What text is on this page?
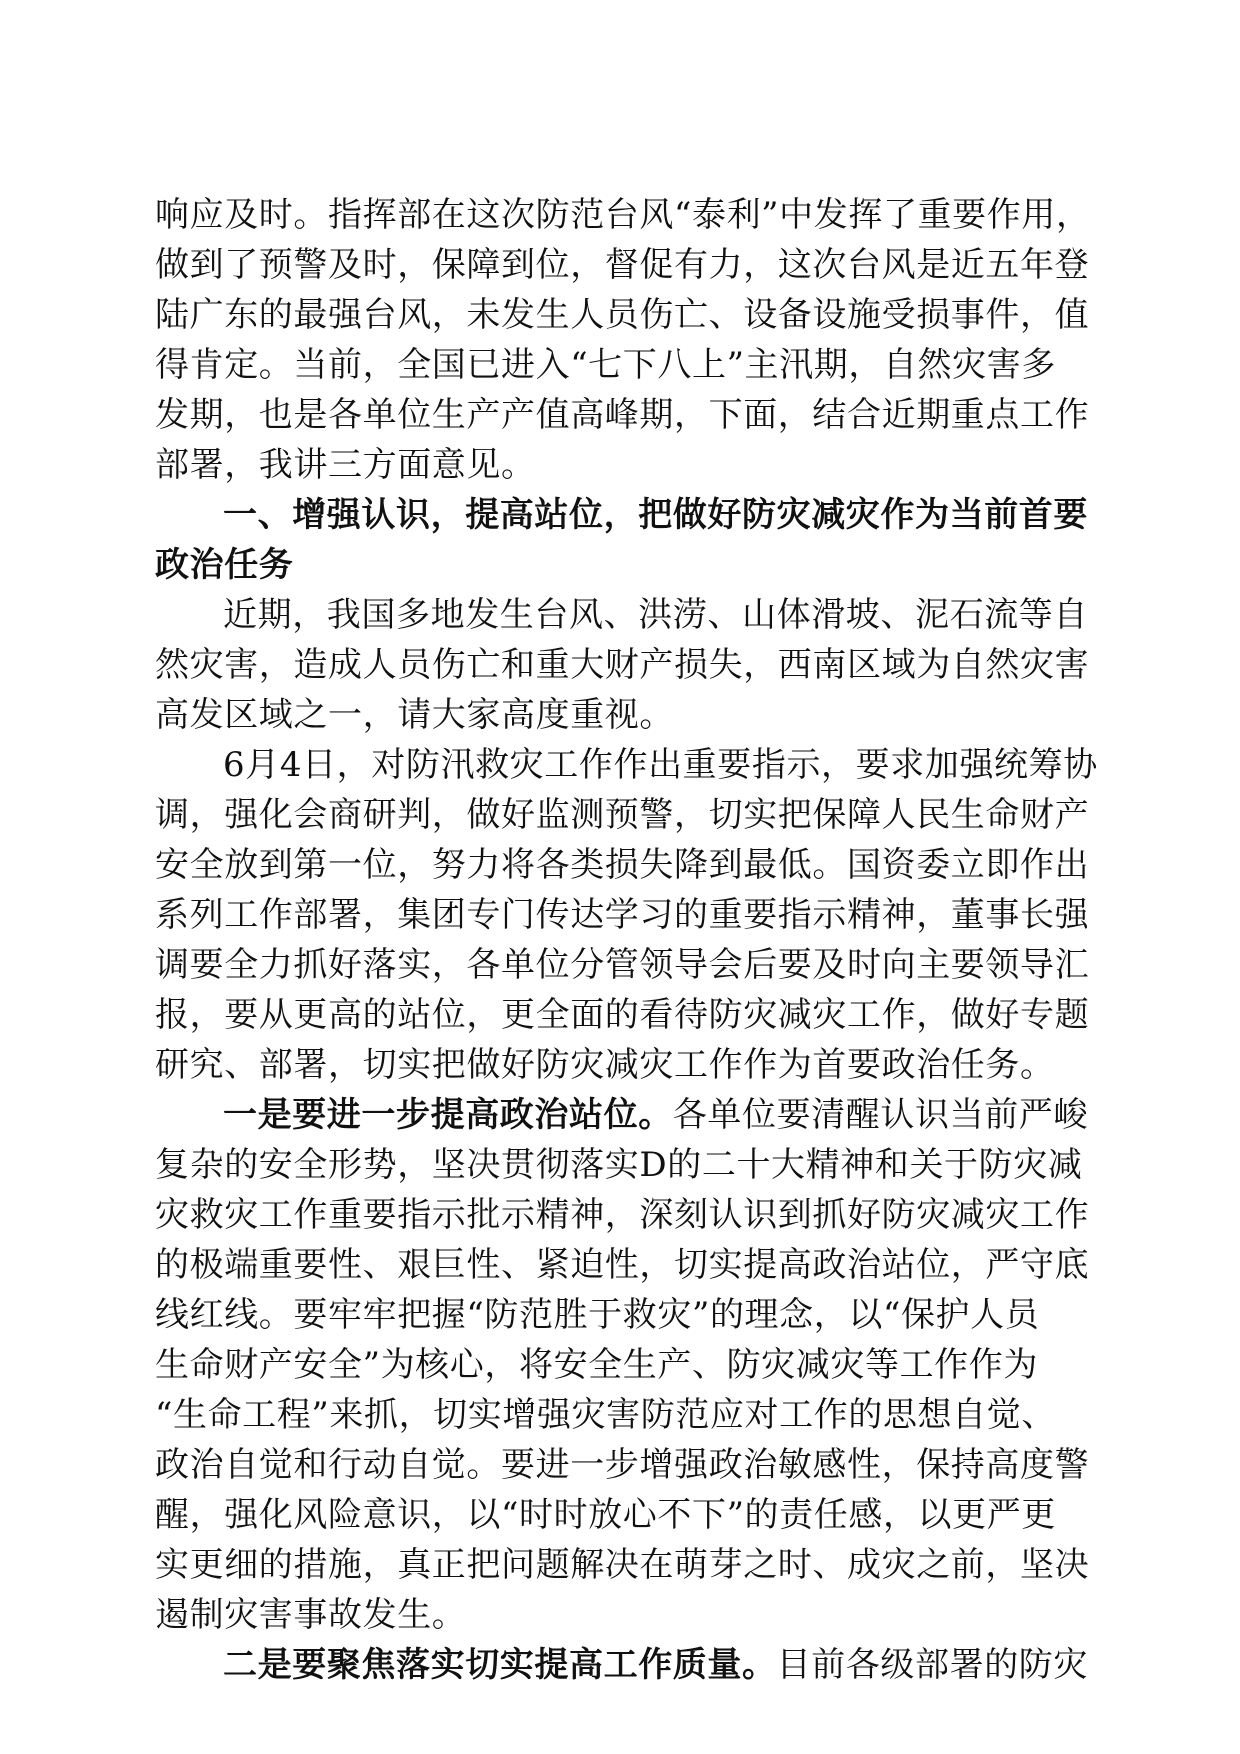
响应及时。指挥部在这次防范台风“泰利”中发挥了重要作用，
做到了预警及时，保障到位，督促有力，这次台风是近五年登
陆广东的最强台风，未发生人员伤亡、设备设施受损事件，值
得肯定。当前，全国已进入“七下八上”主汛期，自然灾害多
发期，也是各单位生产产值高峰期，下面，结合近期重点工作
部署，我讲三方面意见。
一、增强认识，提高站位，把做好防灾减灾作为当前首要
政治任务
近期，我国多地发生台风、洪涝、山体滑坡、泥石流等自
然灾害，造成人员伤亡和重大财产损失，西南区域为自然灾害
高发区域之一，请大家高度重视。
6月4日，对防汛救灾工作作出重要指示，要求加强统筹协
调，强化会商研判，做好监测预警，切实把保障人民生命财产
安全放到第一位，努力将各类损失降到最低。国资委立即作出
系列工作部署，集团专门传达学习的重要指示精神，董事长强
调要全力抓好落实，各单位分管领导会后要及时向主要领导汇
报，要从更高的站位，更全面的看待防灾减灾工作，做好专题
研究、部署，切实把做好防灾减灾工作作为首要政治任务。
一是要进一步提高政治站位。各单位要清醒认识当前严峻
复杂的安全形势，坚决贯彻落实D的二十大精神和关于防灾减
灾救灾工作重要指示批示精神，深刻认识到抓好防灾减灾工作
的极端重要性、艰巨性、紧迫性，切实提高政治站位，严守底
线红线。要牢牢把握“防范胜于救灾”的理念，以“保护人员
生命财产安全”为核心，将安全生产、防灾减灾等工作作为
“生命工程”来抓，切实增强灾害防范应对工作的思想自觉、
政治自觉和行动自觉。要进一步增强政治敏感性，保持高度警
醒，强化风险意识，以“时时放心不下”的责任感，以更严更
实更细的措施，真正把问题解决在萌芽之时、成灾之前，坚决
遏制灾害事故发生。
二是要聚焦落实切实提高工作质量。目前各级部署的防灾
